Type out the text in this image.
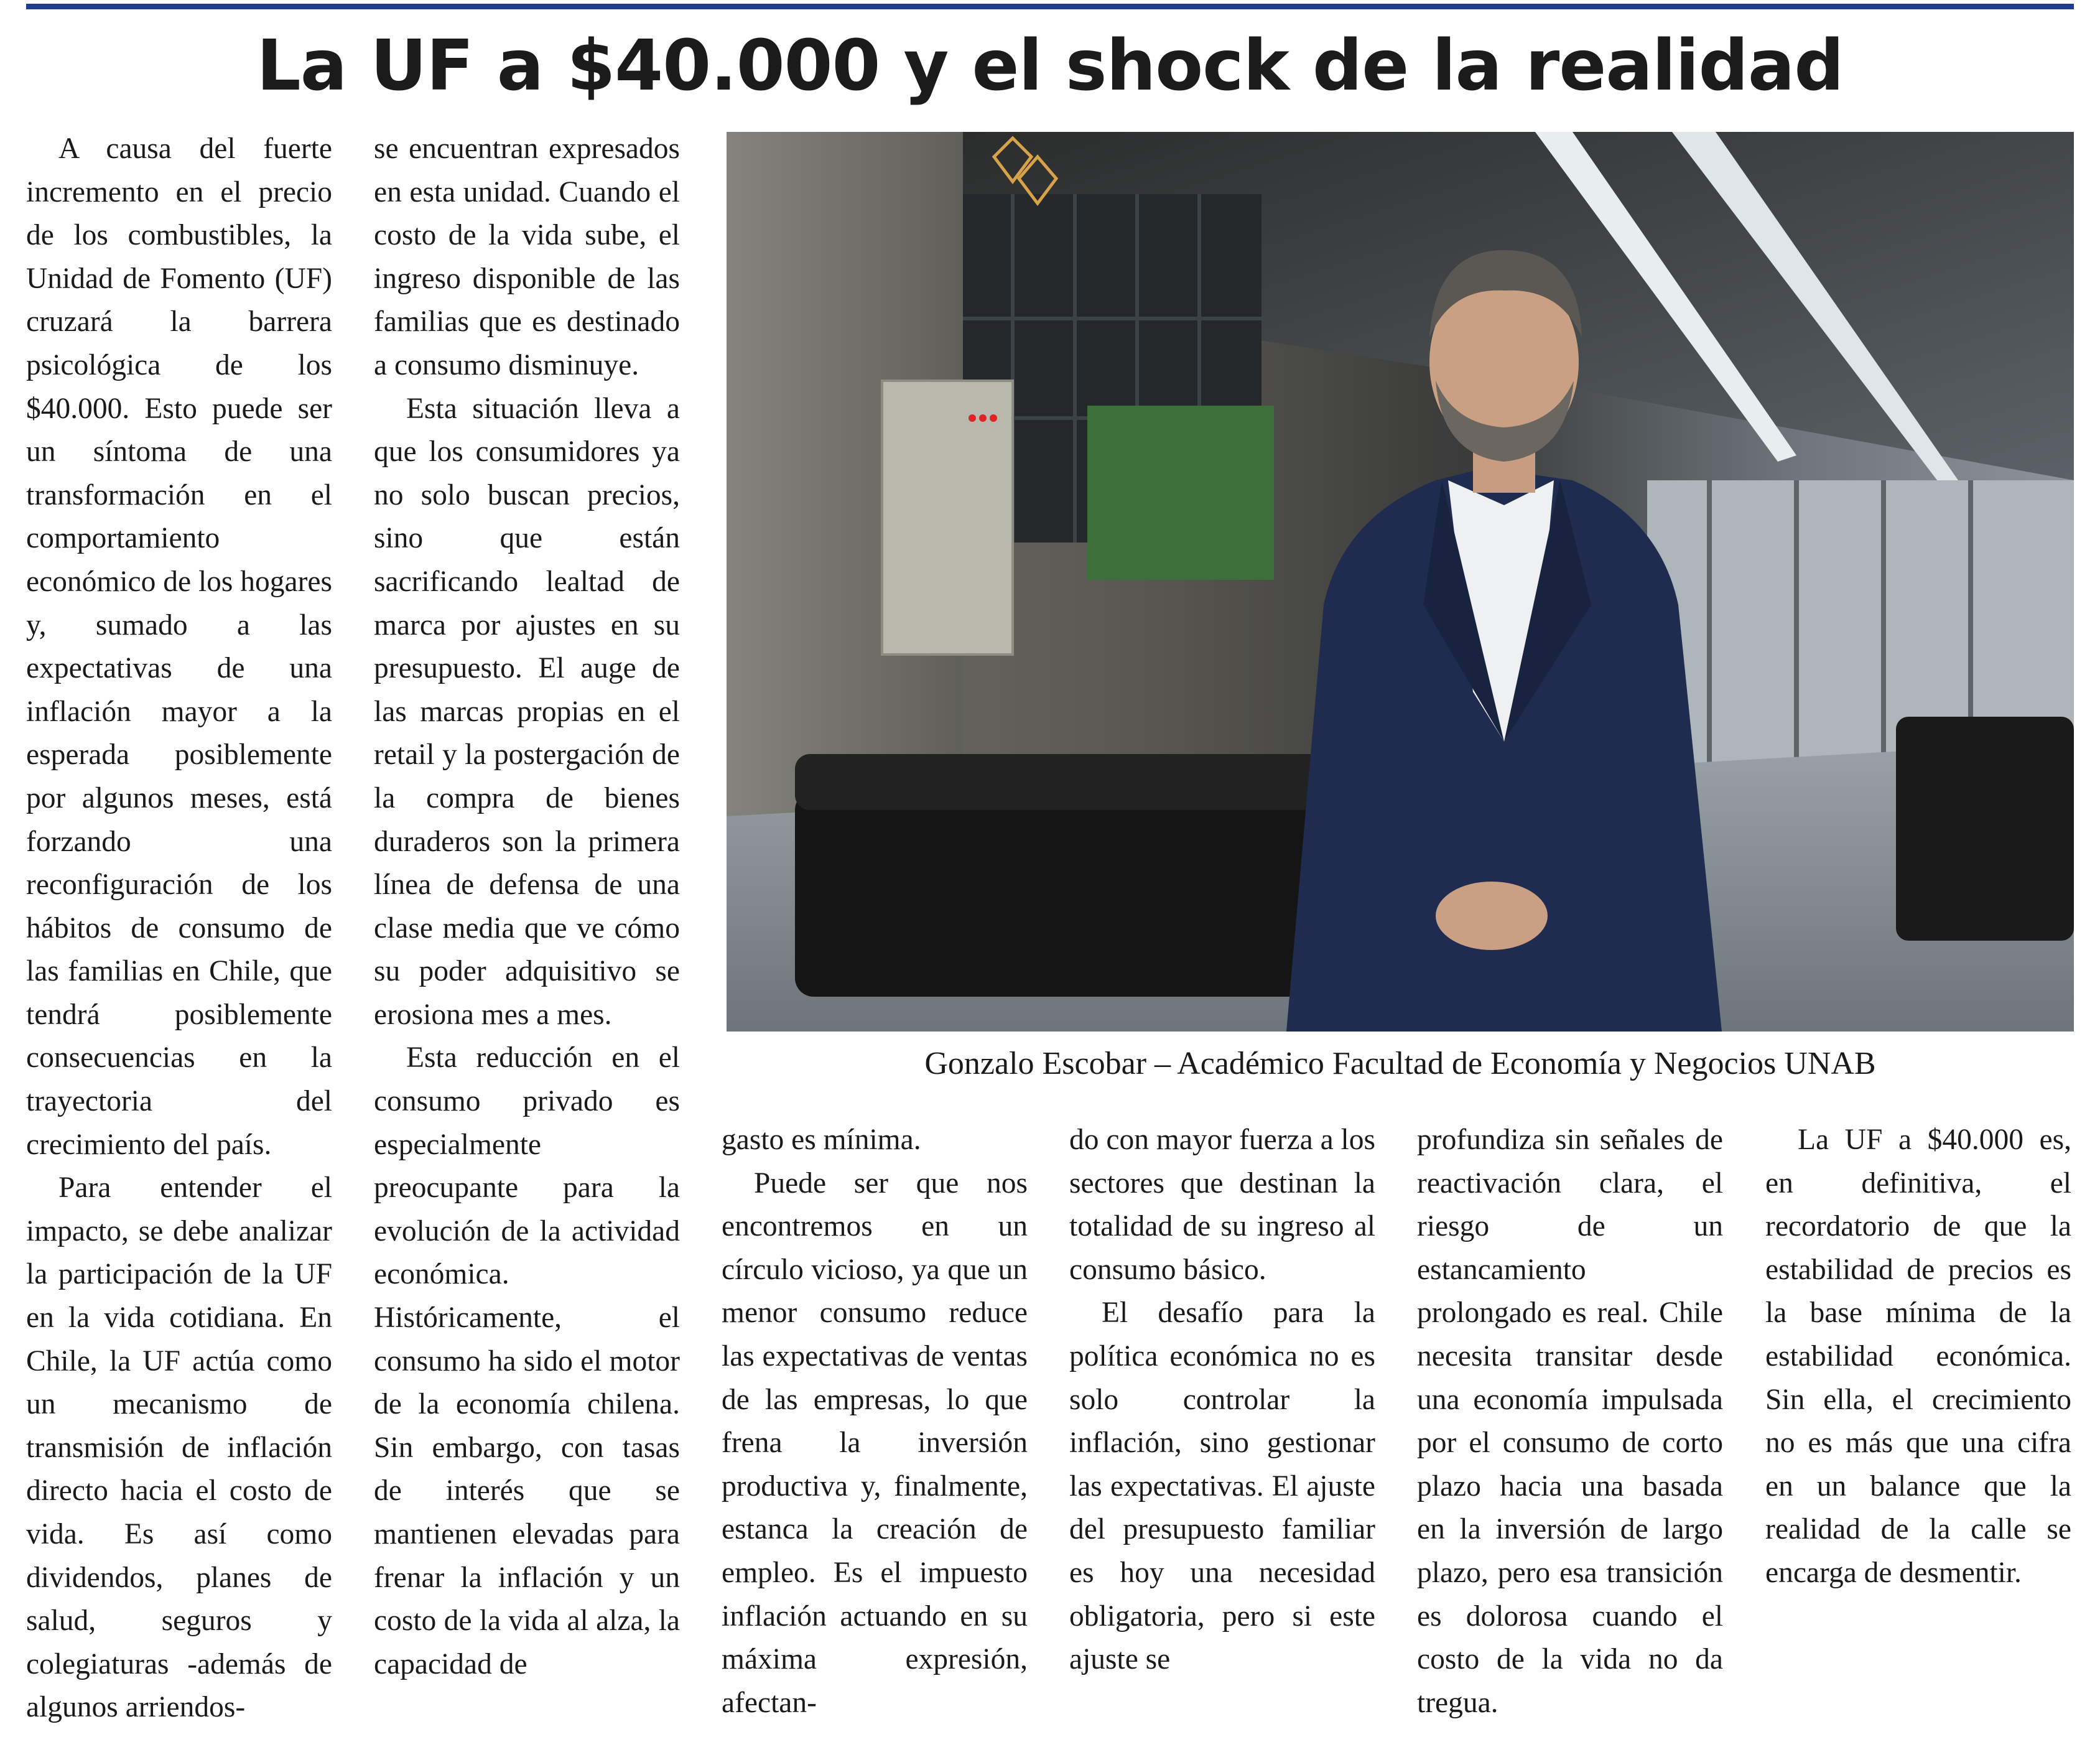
La UF a $40.000 y el shock de la realidad

A causa del fuerte incremento en el precio de los combustibles, la Unidad de Fomento (UF) cruzará la barrera psicológica de los $40.000. Esto puede ser un síntoma de una transformación en el comportamiento económico de los hogares y, sumado a las expectativas de una inflación mayor a la esperada posiblemente por algunos meses, está forzando una reconfiguración de los hábitos de consumo de las familias en Chile, que tendrá posiblemente consecuencias en la trayectoria del crecimiento del país.

Para entender el impacto, se debe analizar la participación de la UF en la vida cotidiana. En Chile, la UF actúa como un mecanismo de transmisión de inflación directo hacia el costo de vida. Es así como dividendos, planes de salud, seguros y colegiaturas -además de algunos arriendos-

se encuentran expresados en esta unidad. Cuando el costo de la vida sube, el ingreso disponible de las familias que es destinado a consumo disminuye.

Esta situación lleva a que los consumidores ya no solo buscan precios, sino que están sacrificando lealtad de marca por ajustes en su presupuesto. El auge de las marcas propias en el retail y la postergación de la compra de bienes duraderos son la primera línea de defensa de una clase media que ve cómo su poder adquisitivo se erosiona mes a mes.

Esta reducción en el consumo privado es especialmente preocupante para la evolución de la actividad económica. Históricamente, el consumo ha sido el motor de la economía chilena. Sin embargo, con tasas de interés que se mantienen elevadas para frenar la inflación y un costo de la vida al alza, la capacidad de

Gonzalo Escobar – Académico Facultad de Economía y Negocios UNAB

gasto es mínima.

Puede ser que nos encontremos en un círculo vicioso, ya que un menor consumo reduce las expectativas de ventas de las empresas, lo que frena la inversión productiva y, finalmente, estanca la creación de empleo. Es el impuesto inflación actuando en su máxima expresión, afectan-

do con mayor fuerza a los sectores que destinan la totalidad de su ingreso al consumo básico.

El desafío para la política económica no es solo controlar la inflación, sino gestionar las expectativas. El ajuste del presupuesto familiar es hoy una necesidad obligatoria, pero si este ajuste se

profundiza sin señales de reactivación clara, el riesgo de un estancamiento prolongado es real. Chile necesita transitar desde una economía impulsada por el consumo de corto plazo hacia una basada en la inversión de largo plazo, pero esa transición es dolorosa cuando el costo de la vida no da tregua.

La UF a $40.000 es, en definitiva, el recordatorio de que la estabilidad de precios es la base mínima de la estabilidad económica. Sin ella, el crecimiento no es más que una cifra en un balance que la realidad de la calle se encarga de desmentir.
